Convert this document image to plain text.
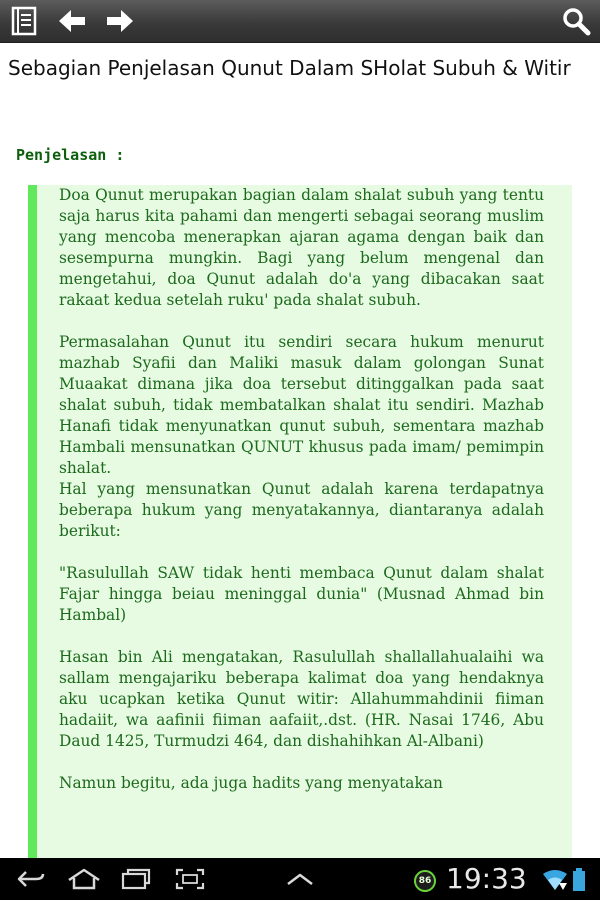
Sebagian Penjelasan Qunut Dalam SHolat Subuh & Witir
Penjelasan :

Doa Qunut merupakan bagian dalam shalat subuh yang tentu saja harus kita pahami dan mengerti sebagai seorang muslim yang mencoba menerapkan ajaran agama dengan baik dan sesempurna mungkin. Bagi yang belum mengenal dan mengetahui, doa Qunut adalah do'a yang dibacakan saat rakaat kedua setelah ruku' pada shalat subuh.

Permasalahan Qunut itu sendiri secara hukum menurut mazhab Syafii dan Maliki masuk dalam golongan Sunat Muaakat dimana jika doa tersebut ditinggalkan pada saat shalat subuh, tidak membatalkan shalat itu sendiri. Mazhab Hanafi tidak menyunatkan qunut subuh, sementara mazhab Hambali mensunatkan QUNUT khusus pada imam/ pemimpin shalat.

Hal yang mensunatkan Qunut adalah karena terdapatnya beberapa hukum yang menyatakannya, diantaranya adalah berikut:

"Rasulullah SAW tidak henti membaca Qunut dalam shalat Fajar hingga beiau meninggal dunia" (Musnad Ahmad bin Hambal)

Hasan bin Ali mengatakan, Rasulullah shallallahualaihi wa sallam mengajariku beberapa kalimat doa yang hendaknya aku ucapkan ketika Qunut witir: Allahummahdinii fiiman hadaiit, wa aafinii fiiman aafaiit,.dst. (HR. Nasai 1746, Abu Daud 1425, Turmudzi 464, dan dishahihkan Al-Albani)

Namun begitu, ada juga hadits yang menyatakan

86 19:33
